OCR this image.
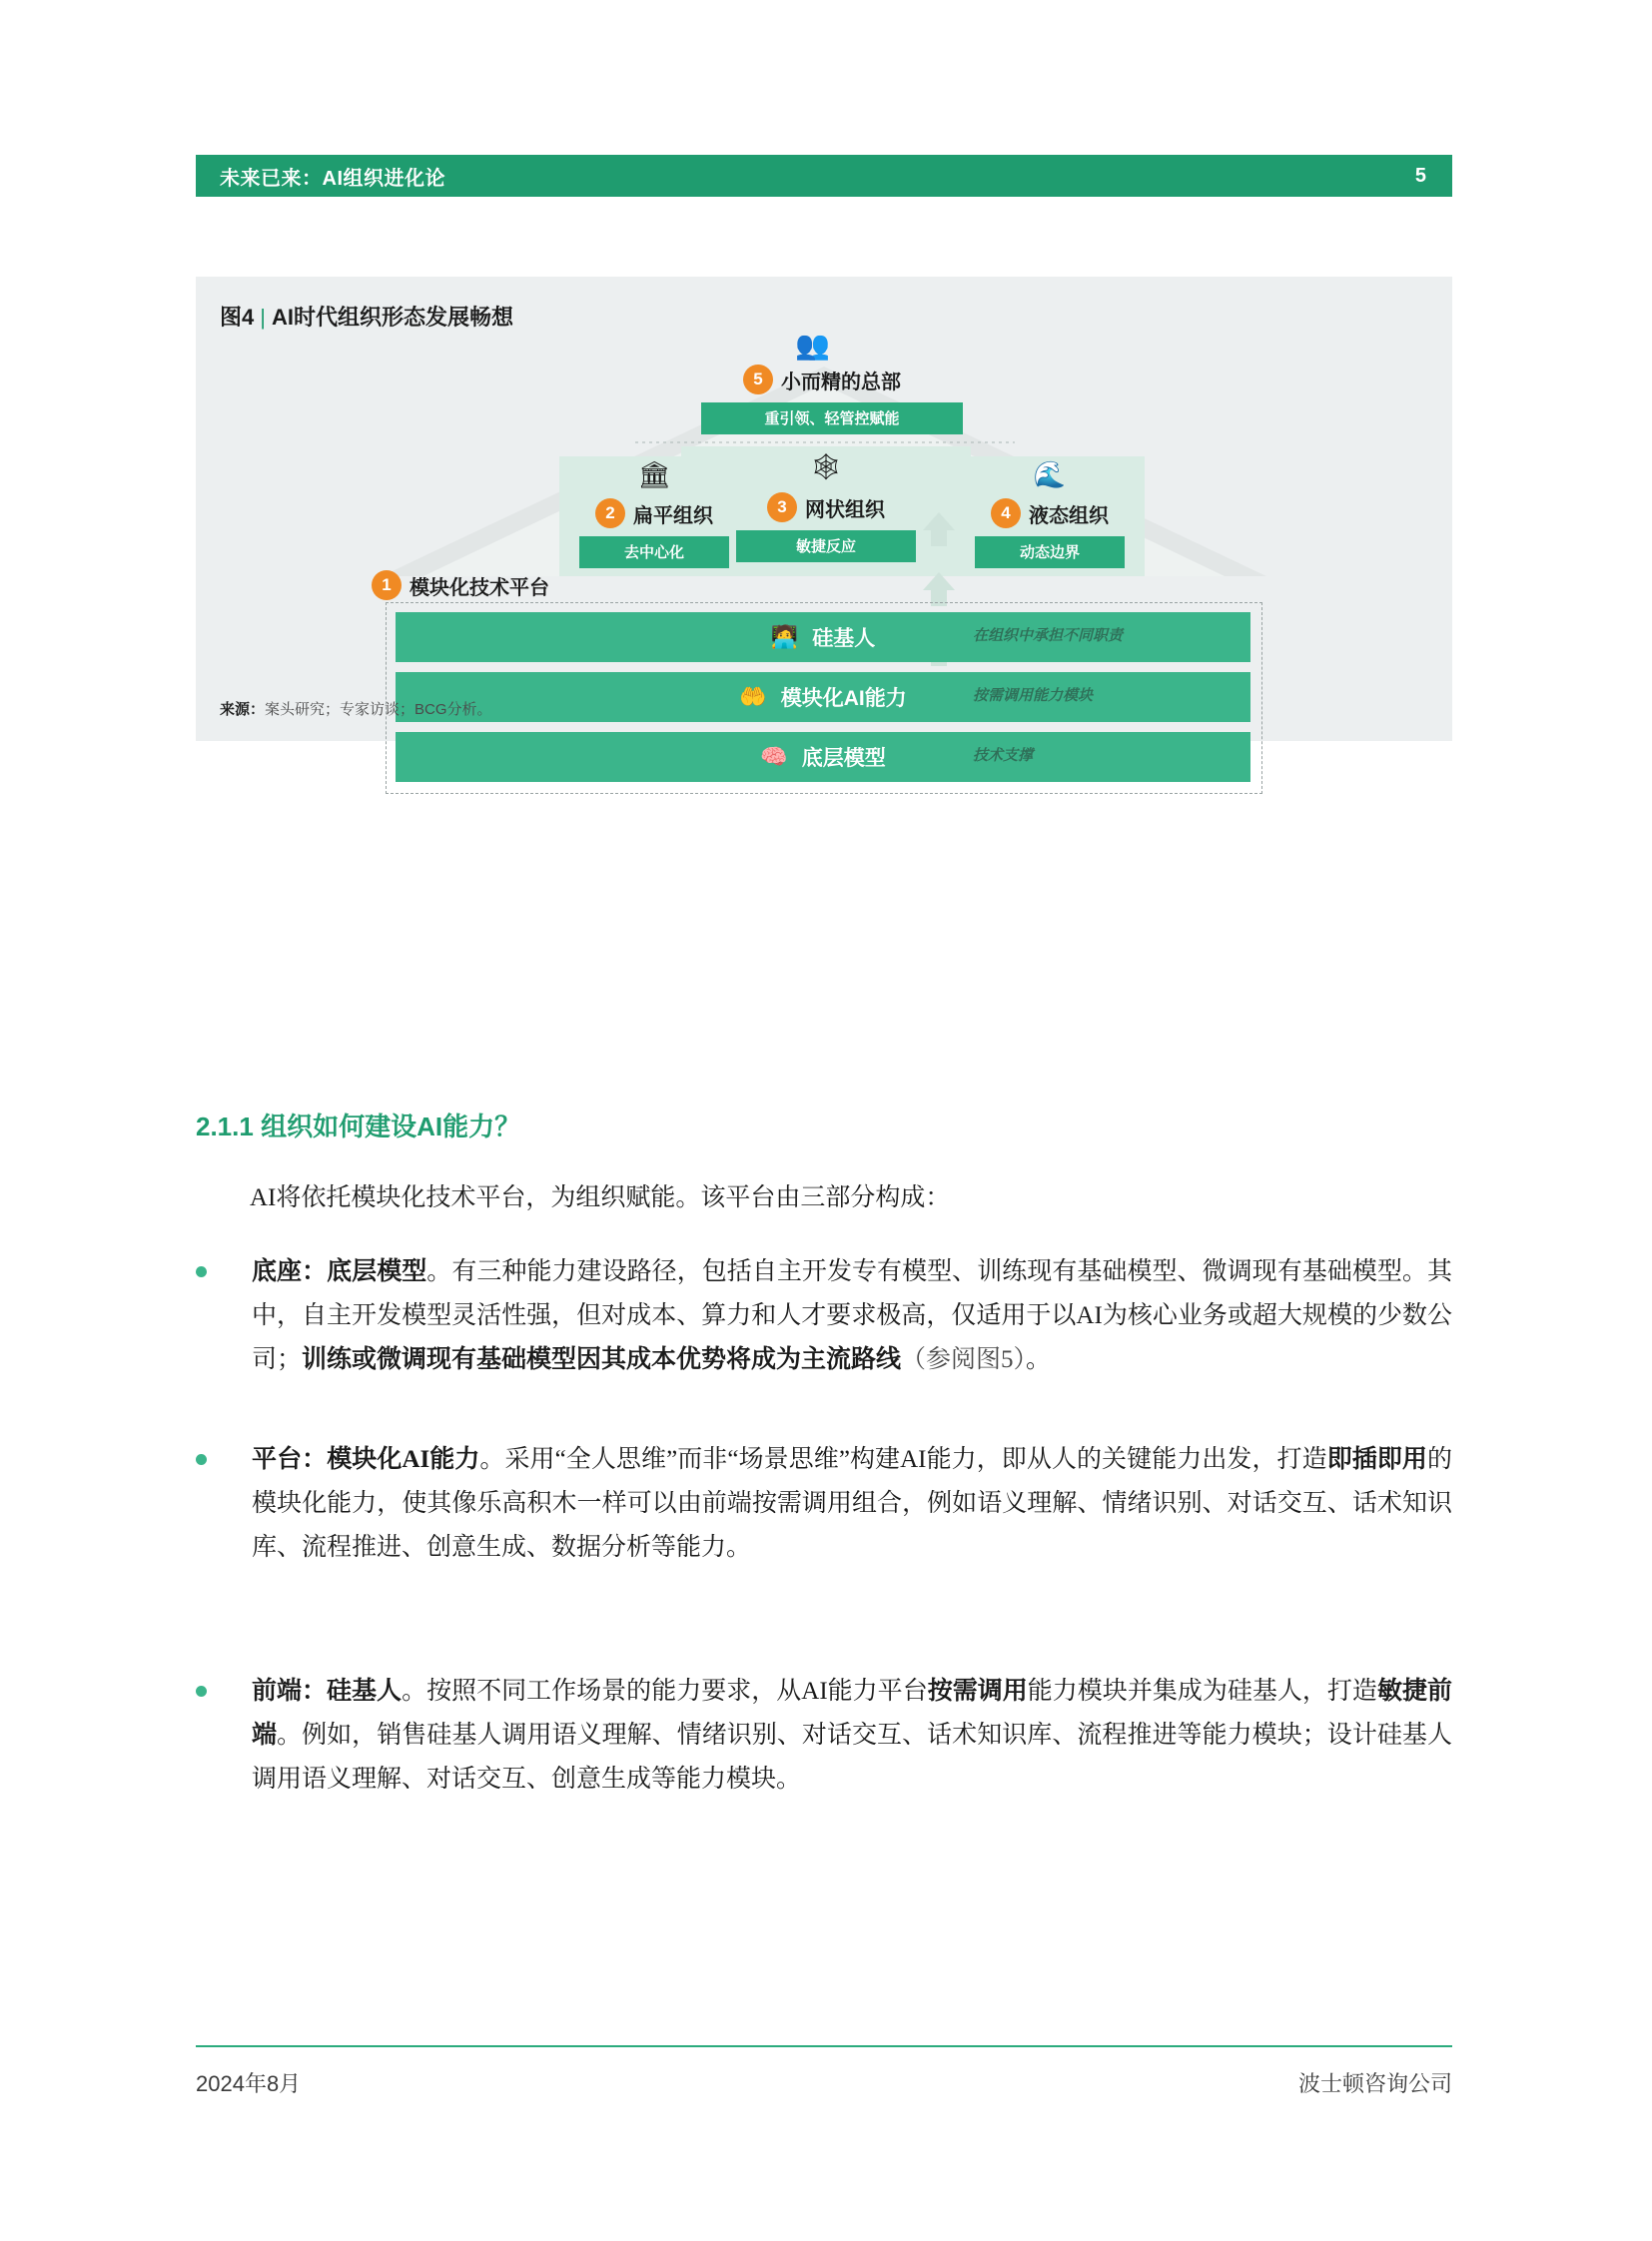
未来已来：AI组织进化论	5
图4 | AI时代组织形态发展畅想
👥
5 小而精的总部
重引领、轻管控赋能
🏛
2 扁平组织
去中心化
🕸
3 网状组织
敏捷反应
🌊
4 液态组织
动态边界
1 模块化技术平台
🧑‍💻 硅基人	在组织中承担不同职责
🤲 模块化AI能力	按需调用能力模块
🧠 底层模型	技术支撑
来源：案头研究；专家访谈；BCG分析。
2.1.1 组织如何建设AI能力？
AI将依托模块化技术平台，为组织赋能。该平台由三部分构成：
底座：底层模型。有三种能力建设路径，包括自主开发专有模型、训练现有基础模型、微调现有基础模型。其中，自主开发模型灵活性强，但对成本、算力和人才要求极高，仅适用于以AI为核心业务或超大规模的少数公司；训练或微调现有基础模型因其成本优势将成为主流路线（参阅图5）。
平台：模块化AI能力。采用“全人思维”而非“场景思维”构建AI能力，即从人的关键能力出发，打造即插即用的模块化能力，使其像乐高积木一样可以由前端按需调用组合，例如语义理解、情绪识别、对话交互、话术知识库、流程推进、创意生成、数据分析等能力。
前端：硅基人。按照不同工作场景的能力要求，从AI能力平台按需调用能力模块并集成为硅基人，打造敏捷前端。例如，销售硅基人调用语义理解、情绪识别、对话交互、话术知识库、流程推进等能力模块；设计硅基人调用语义理解、对话交互、创意生成等能力模块。
2024年8月	波士顿咨询公司
